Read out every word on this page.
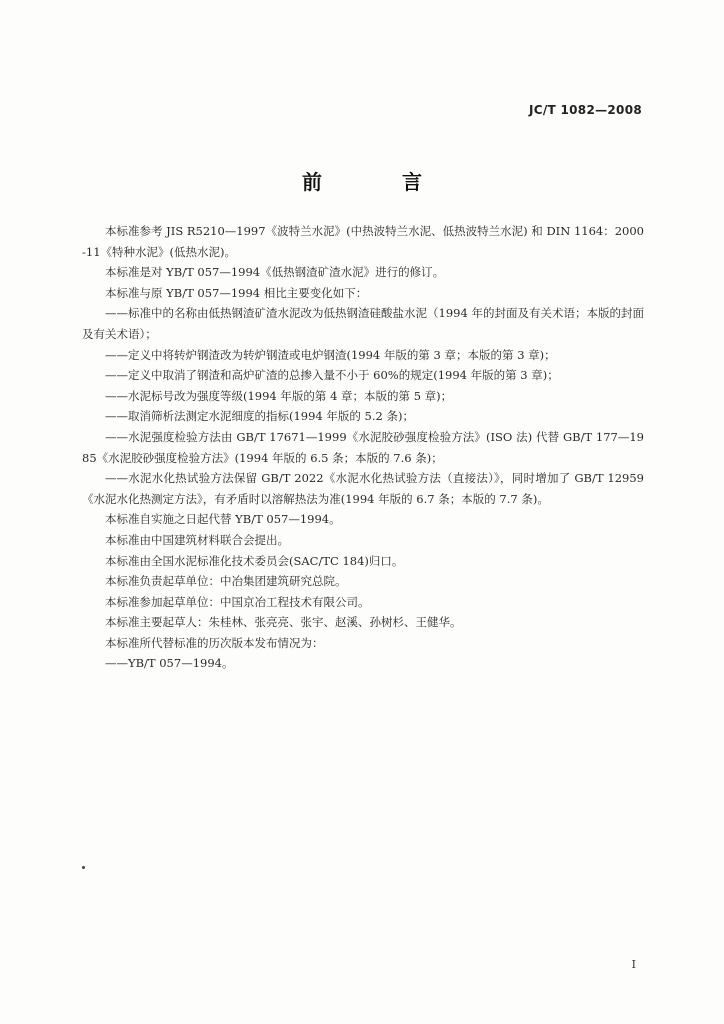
JC/T 1082—2008
前　言

本标准参考 JIS R5210—1997《波特兰水泥》(中热波特兰水泥、低热波特兰水泥) 和 DIN 1164：2000-11《特种水泥》(低热水泥)。

本标准是对 YB/T 057—1994《低热钢渣矿渣水泥》进行的修订。

本标准与原 YB/T 057—1994 相比主要变化如下：

——标准中的名称由低热钢渣矿渣水泥改为低热钢渣硅酸盐水泥（1994 年的封面及有关术语；本版的封面及有关术语）；

——定义中将转炉钢渣改为转炉钢渣或电炉钢渣(1994 年版的第 3 章；本版的第 3 章)；

——定义中取消了钢渣和高炉矿渣的总掺入量不小于 60%的规定(1994 年版的第 3 章)；

——水泥标号改为强度等级(1994 年版的第 4 章；本版的第 5 章)；

——取消筛析法测定水泥细度的指标(1994 年版的 5.2 条)；

——水泥强度检验方法由 GB/T 17671—1999《水泥胶砂强度检验方法》(ISO 法) 代替 GB/T 177—1985《水泥胶砂强度检验方法》(1994 年版的 6.5 条；本版的 7.6 条)；

——水泥水化热试验方法保留 GB/T 2022《水泥水化热试验方法（直接法）》，同时增加了 GB/T 12959《水泥水化热测定方法》，有矛盾时以溶解热法为准(1994 年版的 6.7 条；本版的 7.7 条)。

本标准自实施之日起代替 YB/T 057—1994。

本标准由中国建筑材料联合会提出。

本标准由全国水泥标准化技术委员会(SAC/TC 184)归口。

本标准负责起草单位：中冶集团建筑研究总院。

本标准参加起草单位：中国京冶工程技术有限公司。

本标准主要起草人：朱桂林、张亮亮、张宇、赵溪、孙树杉、王健华。

本标准所代替标准的历次版本发布情况为：

——YB/T 057—1994。

I
